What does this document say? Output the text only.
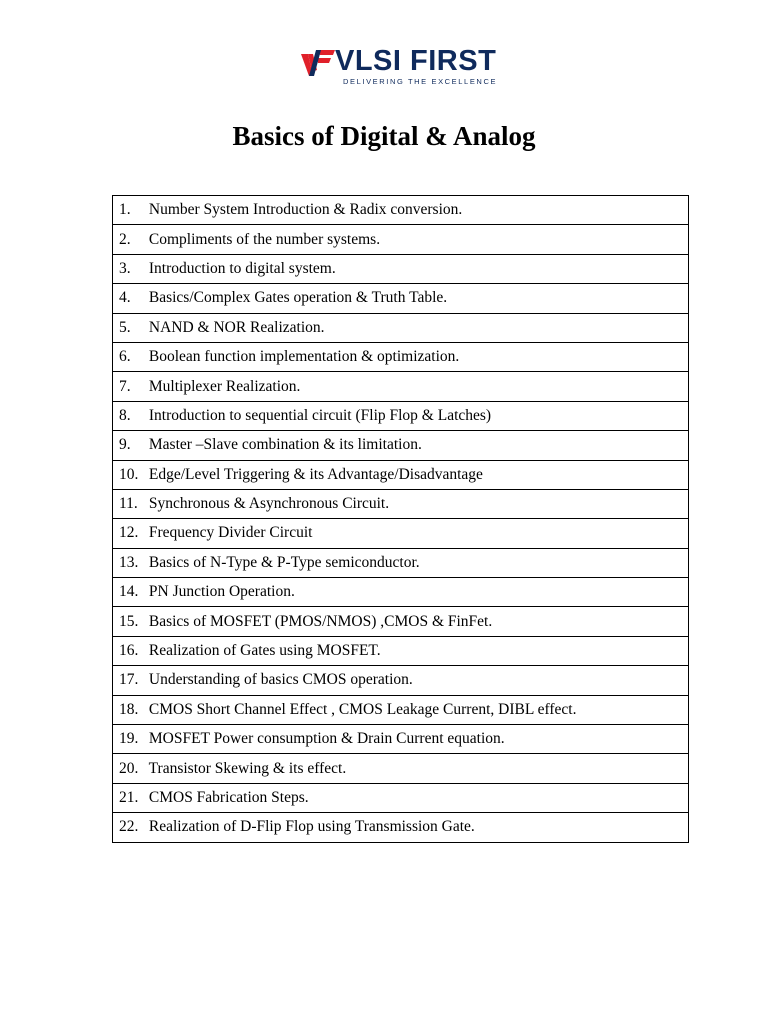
VLSI FIRST
DELIVERING THE EXCELLENCE
Basics of Digital & Analog
1. Number System Introduction & Radix conversion.
2. Compliments of the number systems.
3. Introduction to digital system.
4. Basics/Complex Gates operation & Truth Table.
5. NAND & NOR Realization.
6. Boolean function implementation & optimization.
7. Multiplexer Realization.
8. Introduction to sequential circuit (Flip Flop & Latches)
9. Master –Slave combination & its limitation.
10. Edge/Level Triggering & its Advantage/Disadvantage
11. Synchronous & Asynchronous Circuit.
12. Frequency Divider Circuit
13. Basics of N-Type & P-Type semiconductor.
14. PN Junction Operation.
15. Basics of MOSFET (PMOS/NMOS) ,CMOS & FinFet.
16. Realization of Gates using MOSFET.
17. Understanding of basics CMOS operation.
18. CMOS Short Channel Effect , CMOS Leakage Current, DIBL effect.
19. MOSFET Power consumption & Drain Current equation.
20. Transistor Skewing & its effect.
21. CMOS Fabrication Steps.
22. Realization of D-Flip Flop using Transmission Gate.
